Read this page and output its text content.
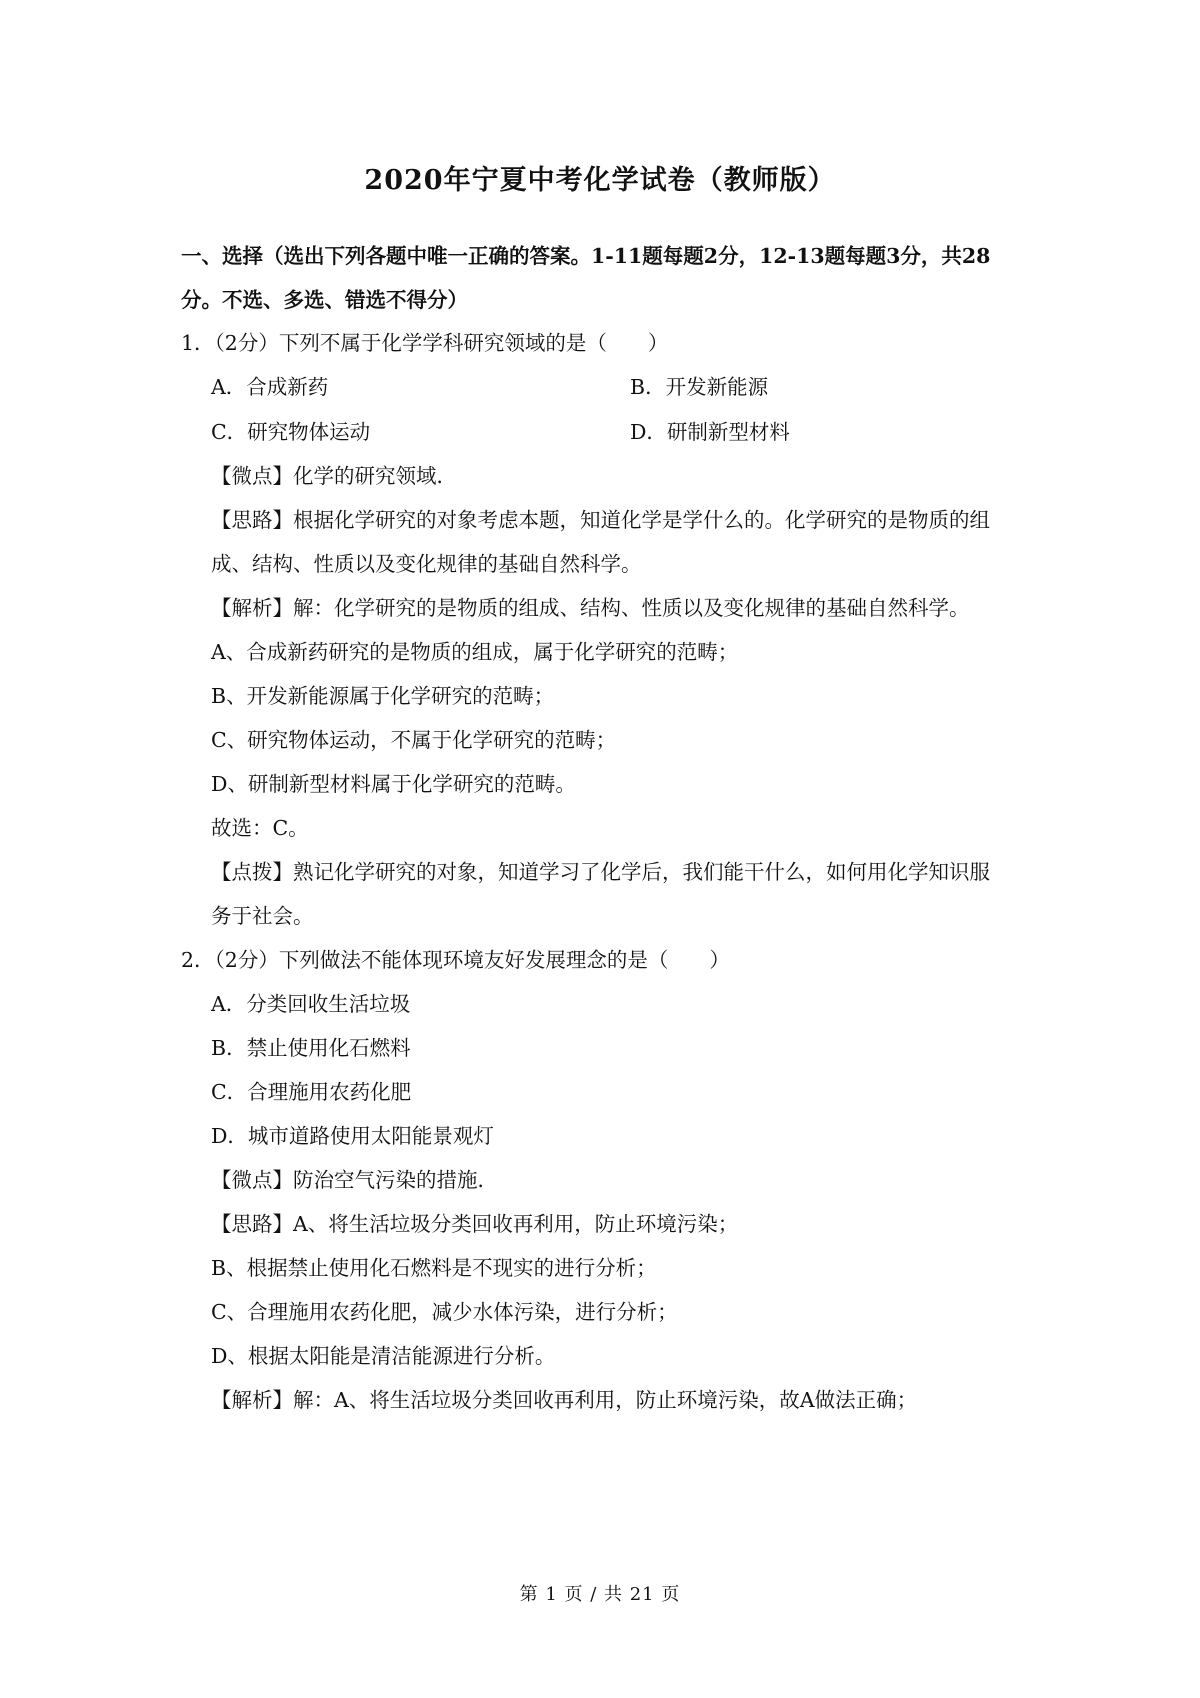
2020年宁夏中考化学试卷（教师版）
一、选择（选出下列各题中唯一正确的答案。1-11题每题2分，12-13题每题3分，共28
分。不选、多选、错选不得分）
1．（2分）下列不属于化学学科研究领域的是（　　）
A．合成新药	B．开发新能源
C．研究物体运动	D．研制新型材料
【微点】化学的研究领域．
【思路】根据化学研究的对象考虑本题，知道化学是学什么的。化学研究的是物质的组
成、结构、性质以及变化规律的基础自然科学。
【解析】解：化学研究的是物质的组成、结构、性质以及变化规律的基础自然科学。
A、合成新药研究的是物质的组成，属于化学研究的范畴；
B、开发新能源属于化学研究的范畴；
C、研究物体运动，不属于化学研究的范畴；
D、研制新型材料属于化学研究的范畴。
故选：C。
【点拨】熟记化学研究的对象，知道学习了化学后，我们能干什么，如何用化学知识服
务于社会。
2．（2分）下列做法不能体现环境友好发展理念的是（　　）
A．分类回收生活垃圾
B．禁止使用化石燃料
C．合理施用农药化肥
D．城市道路使用太阳能景观灯
【微点】防治空气污染的措施．
【思路】A、将生活垃圾分类回收再利用，防止环境污染；
B、根据禁止使用化石燃料是不现实的进行分析；
C、合理施用农药化肥，减少水体污染，进行分析；
D、根据太阳能是清洁能源进行分析。
【解析】解：A、将生活垃圾分类回收再利用，防止环境污染，故A做法正确；
第 1 页 / 共 21 页
